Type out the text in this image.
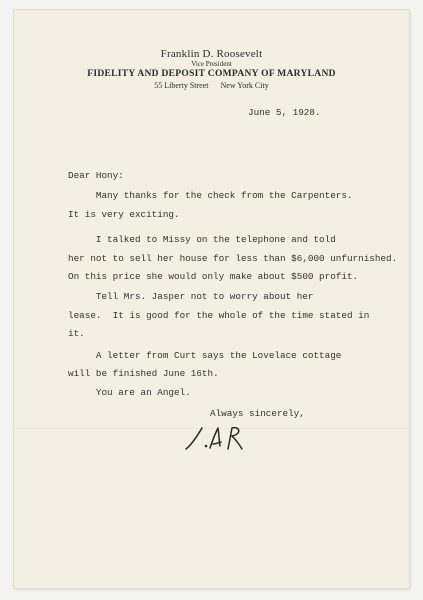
Franklin D. Roosevelt
Vice President
FIDELITY AND DEPOSIT COMPANY OF MARYLAND
55 Liberty Street New York City
June 5, 1928.
Dear Hony:
Many thanks for the check from the Carpenters.
It is very exciting.
I talked to Missy on the telephone and told
her not to sell her house for less than $6,000 unfurnished.
On this price she would only make about $500 profit.
Tell Mrs. Jasper not to worry about her
lease.  It is good for the whole of the time stated in
it.
A letter from Curt says the Lovelace cottage
will be finished June 16th.
You are an Angel.
Always sincerely,
